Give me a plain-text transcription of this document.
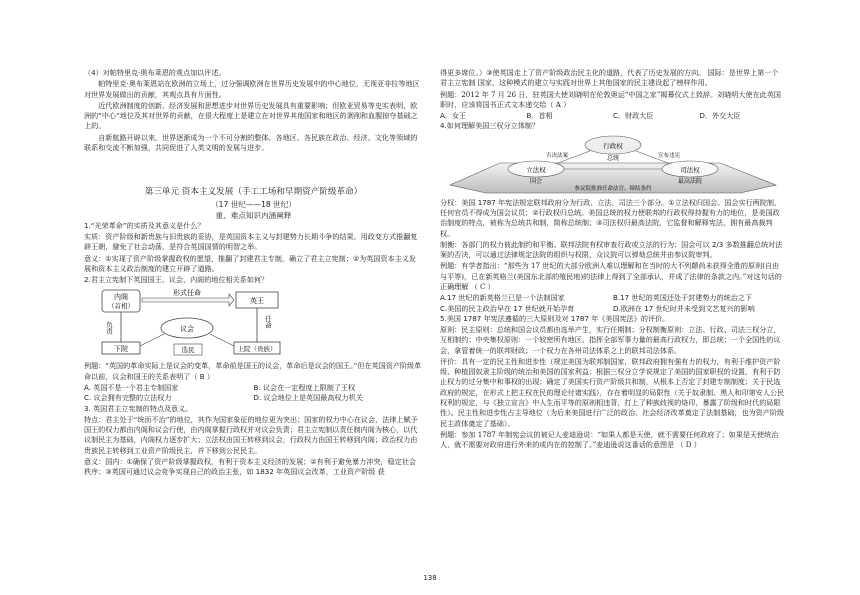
（4）对帕特里克·奥布莱恩的观点加以评述。

帕特里克·奥布莱恩站在欧洲的立场上，过分强调欧洲在世界历史发展中的中心地位，无视亚非拉等地区对世界发展做出的贡献，其观点具有片面性。

近代欧洲制度的创新、经济发展和思想进步对世界历史发展具有重要影响；但欧亚贸易等史实表明，欧洲的“中心”地位及其对世界的贡献，在很大程度上是建立在对世界其他国家和地区的剥削和血腥掠夺基础之上的。

自新航路开辟以来，世界逐渐成为一个不可分割的整体。各地区、各民族在政治、经济、文化等领域的联系和交流不断加强，共同促进了人类文明的发展与进步。

第三单元 资本主义发展（手工工场和早期资产阶级革命）

（17 世纪——18 世纪）

重、难点知识内涵阐释

1.“光荣革命”的实质及其意义是什么？

实质：资产阶级和新贵族与旧贵族的妥协，是英国资本主义与封建势力长期斗争的结果。用政变方式推翻复辟王朝，避免了社会动荡，是符合英国国情的明智之举。

意义：①实现了资产阶级掌握政权的愿望，推翻了封建君主专制，确立了君主立宪制；②为英国资本主义发展和资本主义政治制度的建立开辟了道路。

2.君主立宪制下英国国王、议会、内阁的地位相关系如何？

内阁
（首相）
形式任命
英王
负责	任命
议会
下院	上院（贵族）
选民

例题：“英国的革命实际上是议会的变革，革命前是国王的议会，革命后是议会的国王。”但在英国资产阶级革命以前，议会和国王的关系表明了（ B ）

A. 英国不是一个君主专制国家	B. 议会在一定程度上限制了王权
C. 议会拥有完整的立法权力	D. 议会地位上是英国最高权力机关

3. 英国君主立宪制的特点及意义。

特点：君主处于“统而不治”的地位，其作为国家象征的地位更为突出；国家的权力中心在议会，法律上赋予国王的权力都由内阁和议会行使，由内阁掌握行政权并对议会负责；君主立宪制以责任制内阁为核心，以代议制民主为基础，内阁权力逐步扩大；立法权由国王转移到议会，行政权力由国王转移到内阁；政治权力由贵族民主转移到工业资产阶级民主，并下移到公民民主。

意义：国内：①确保了资产阶级掌握政权，有利于资本主义经济的发展；②有利于避免暴力冲突，稳定社会秩序；③英国可通过议会竞争实现自己的政治主张，如 1832 年英国议会改革，工业资产阶级 获

得更多席位。）③使英国走上了资产阶级政治民主化的道路，代表了历史发展的方向。 国际：是世界上第一个 君主立宪制 国家，这种模式的建立与实践对世界上其他国家的民主建设起了榜样作用。

例题：2012 年 7 月 26 日，驻英国大使刘晓明在伦敦奥运“中国之家”揭幕仪式上致辞。刘晓明大使在此英国职时，应该将国书正式文本递交给（ A ）

A．女王	B．首相	C．财政大臣	D．外交大臣

4.如何理解美国三权分立体制？

行政权
立法权	司法权
总统
国会	最高法院
否决法案	宣布违宪
参议院批准任命法官、缔结条约

分权：美国 1787 年宪法规定联邦政府分为行政、立法、司法三个部分。①立法权归国会。国会实行两院制，任何官员不得成为国会议员；②行政权归总统。美国总统的权力使联邦的行政权得持握有力的地位，是美国政治制度的特点，被称为总统共和制，简称总统制；③司法权归最高法院，它监督和解释宪法，拥有最高裁判权。

制衡：各部门的权力彼此制约和平衡。联邦法院有权审查行政或立法的行为；国会可以 2/3 多数推翻总统对法案的否决，可以通过法律规定法院的组织与权限，众议院可以弹劾总统并由参议院审判。

例题：有学者指出：“那些为 17 世纪的大部分欧洲人难以理解和在当时的大不列颠尚未获得全胜的原则(自由与平等)，已在新英格兰(美国东北部的殖民地)的法律上得到了全部承认，并成了法律的条款之内。”对这句话的正确理解 （ C ）

A.17 世纪的新英格兰已是一个法制国家	B.17 世纪的英国还处于封建势力的统治之下
C.美国的民主政治早在 17 世纪就开始孕育	D.欧洲在 17 世纪时并未受到文艺复兴的影响

5.美国 1787 年宪法遵循的三大原则及对 1787 年《美国宪法》的评价。

原则：民主原则：总统和国会议员都由选举产生，实行任期制；分权制衡原则：立法、行政、司法三权分立，互相制约；中央集权原则：一个较密所有地区、指挥全部军事力量的最高行政权力，即总统；一个全国性的议会，拿管着统一的联邦财政；一个权力在各州司法体系之上的联邦司法体系。

评价：具有一定的民主性和进步性（规定美国为联邦制国家，联邦政府拥有强有力的权力，有利于维护资产阶级、种植园奴隶主阶级的统治和美国的国家利益；根据三权分立学说规定了美国的国家职权的设置，有利于防止权力的过分集中和事权的出现；确定了美国实行资产阶级共和制，从根本上否定了封建专制制度；关于民选政府的规定，在形式上把主权在民的理论付诸实践），存在着明显的局限性（关于奴隶制、黑人和印第安人公民权利的规定，与《独立宣言》中人生而平等的原则相违背，打上了种族歧视的烙印，暴露了阶级和时代的局限性）。民主性和进步性占主导地位（为后来美国进行广泛的政治、社会经济改革奠定了法制基础，也为资产阶级民主政体奠定了基础）。

例题：参加 1787 年制宪会议的被记人麦迪逊说：“如果人都是天使，就不需要任何政府了；如果是天使统治人，就不需要对政府进行外来的或内在的控制了。”麦迪逊说这番话的意图是 （ D ）

138
